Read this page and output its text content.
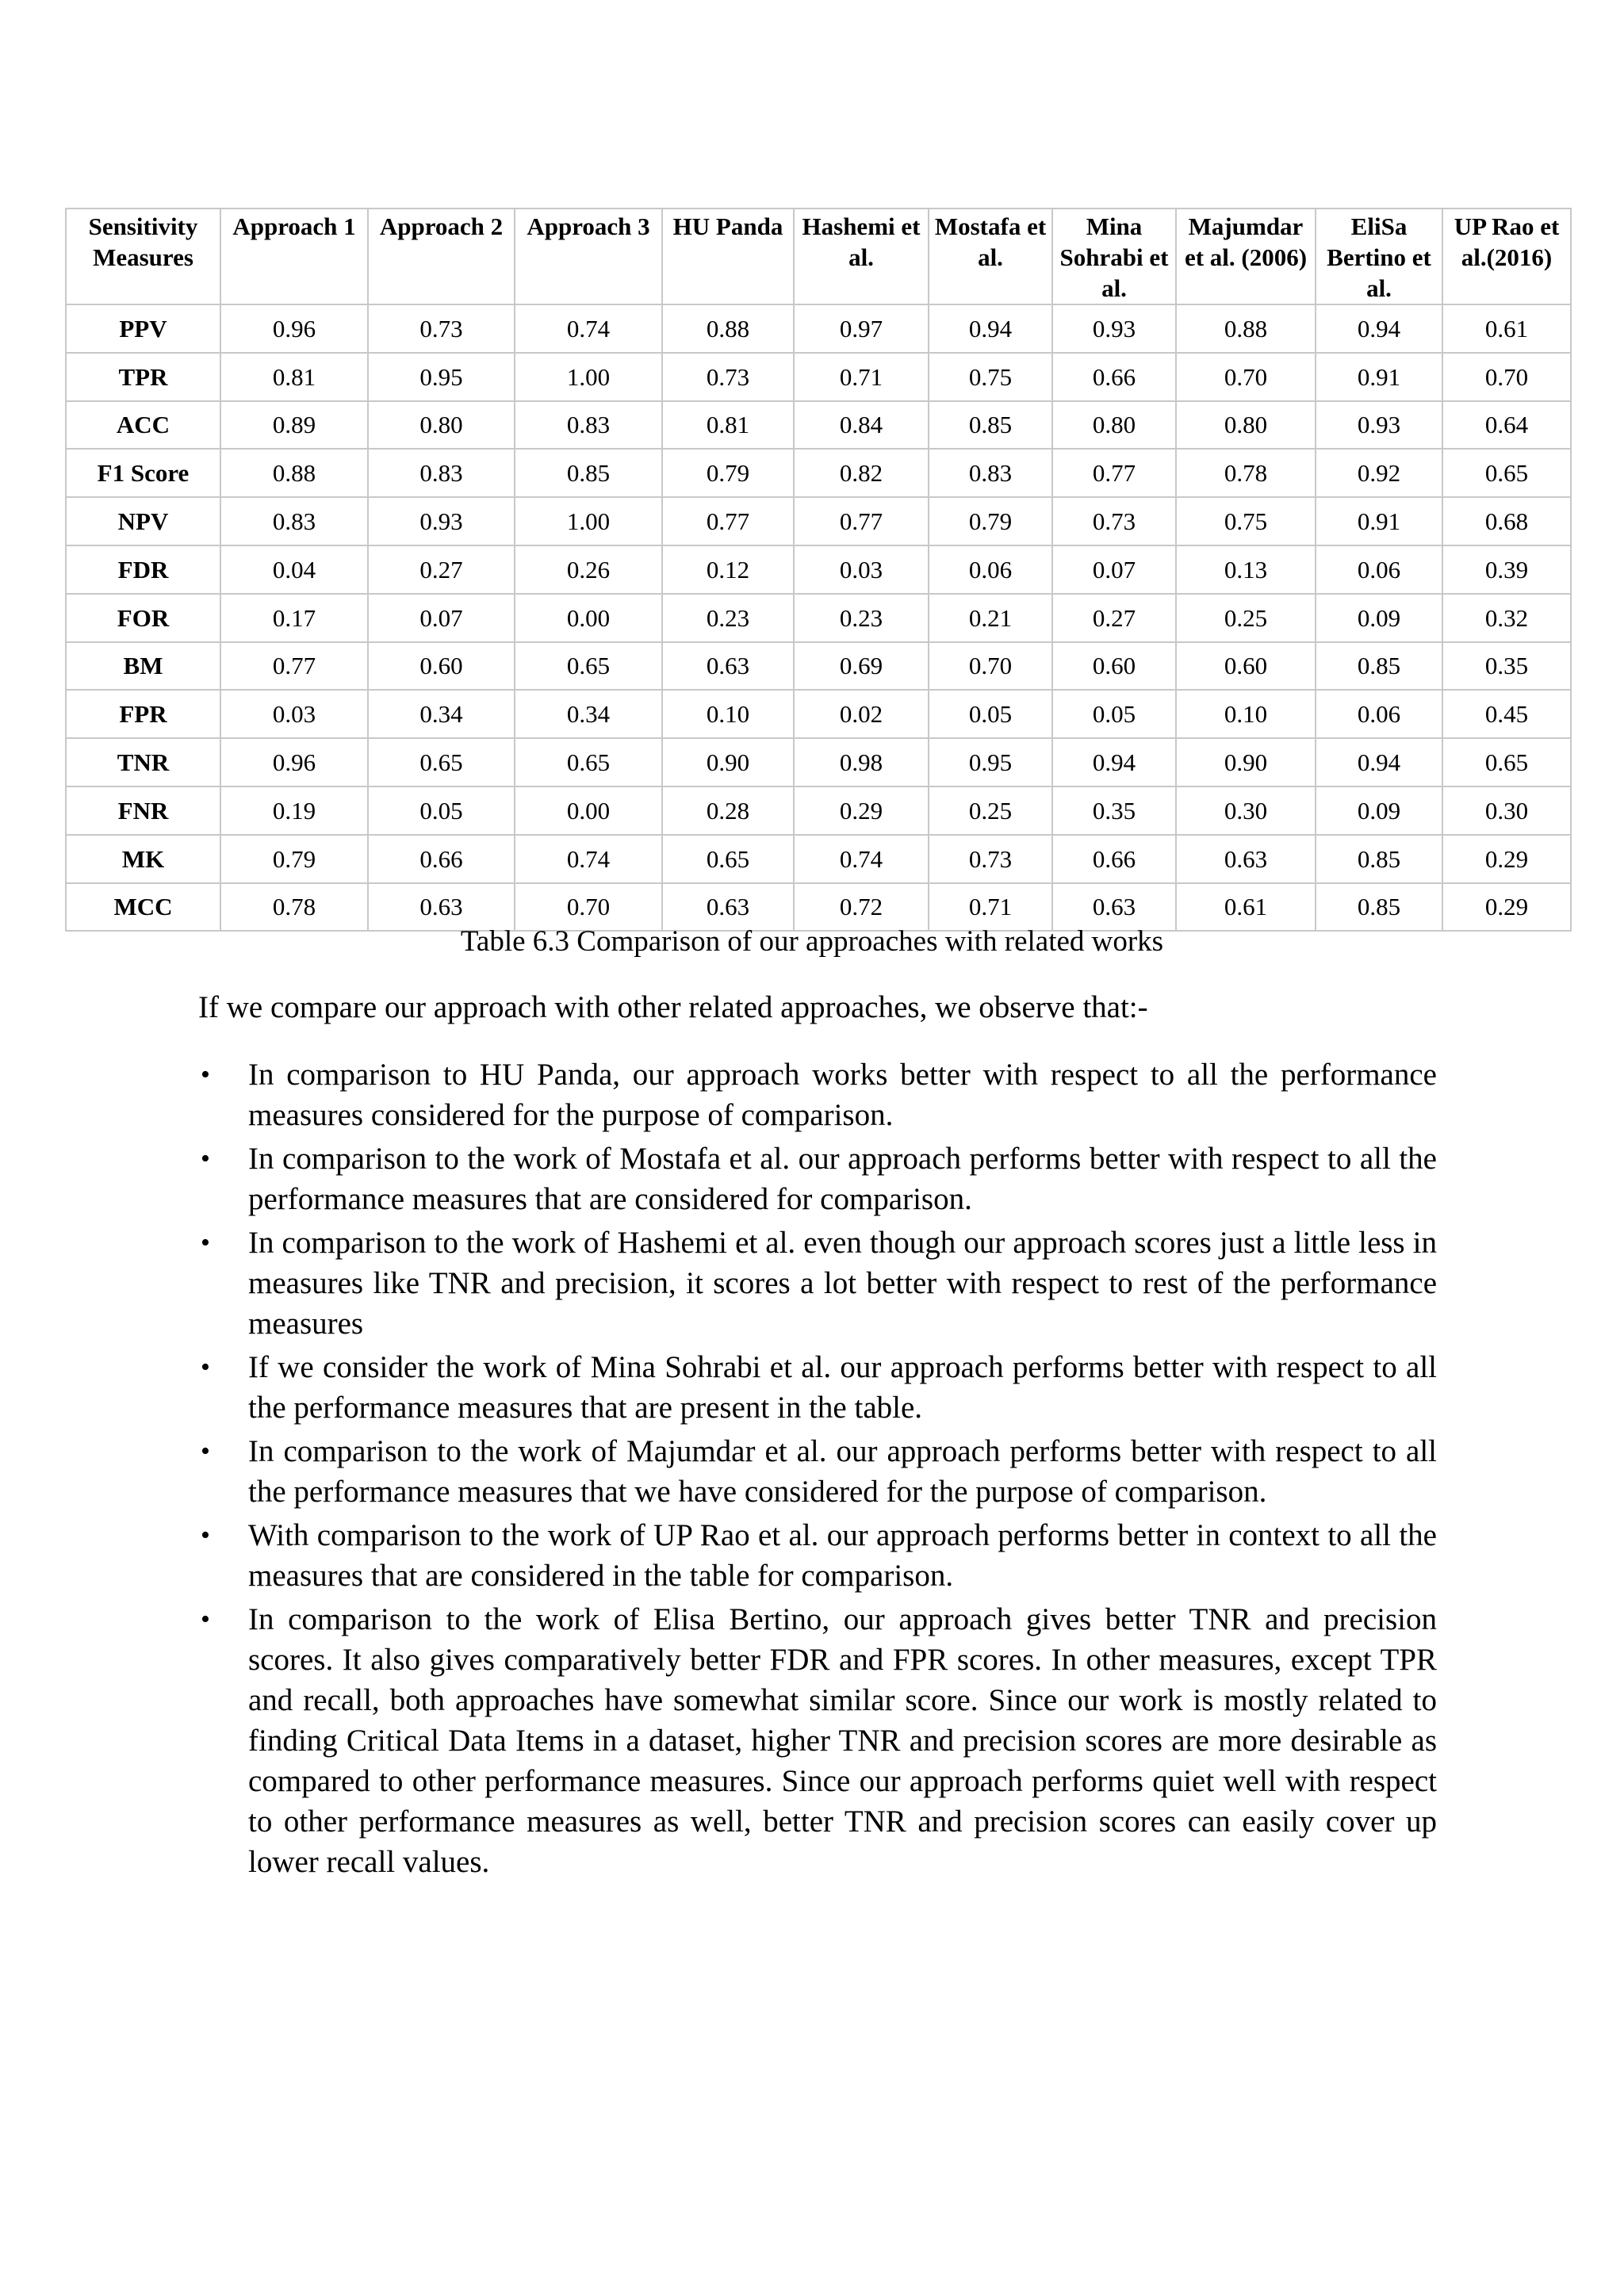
Sensitivity Measures	Approach 1	Approach 2	Approach 3	HU Panda	Hashemi et al.	Mostafa et al.	Mina Sohrabi et al.	Majumdar et al. (2006)	EliSa Bertino et al.	UP Rao et al.(2016)
PPV	0.96	0.73	0.74	0.88	0.97	0.94	0.93	0.88	0.94	0.61
TPR	0.81	0.95	1.00	0.73	0.71	0.75	0.66	0.70	0.91	0.70
ACC	0.89	0.80	0.83	0.81	0.84	0.85	0.80	0.80	0.93	0.64
F1 Score	0.88	0.83	0.85	0.79	0.82	0.83	0.77	0.78	0.92	0.65
NPV	0.83	0.93	1.00	0.77	0.77	0.79	0.73	0.75	0.91	0.68
FDR	0.04	0.27	0.26	0.12	0.03	0.06	0.07	0.13	0.06	0.39
FOR	0.17	0.07	0.00	0.23	0.23	0.21	0.27	0.25	0.09	0.32
BM	0.77	0.60	0.65	0.63	0.69	0.70	0.60	0.60	0.85	0.35
FPR	0.03	0.34	0.34	0.10	0.02	0.05	0.05	0.10	0.06	0.45
TNR	0.96	0.65	0.65	0.90	0.98	0.95	0.94	0.90	0.94	0.65
FNR	0.19	0.05	0.00	0.28	0.29	0.25	0.35	0.30	0.09	0.30
MK	0.79	0.66	0.74	0.65	0.74	0.73	0.66	0.63	0.85	0.29
MCC	0.78	0.63	0.70	0.63	0.72	0.71	0.63	0.61	0.85	0.29
Table 6.3 Comparison of our approaches with related works
If we compare our approach with other related approaches, we observe that:-
• In comparison to HU Panda, our approach works better with respect to all the performance measures considered for the purpose of comparison.
• In comparison to the work of Mostafa et al. our approach performs better with respect to all the performance measures that are considered for comparison.
• In comparison to the work of Hashemi et al. even though our approach scores just a little less in measures like TNR and precision, it scores a lot better with respect to rest of the performance measures
• If we consider the work of Mina Sohrabi et al. our approach performs better with respect to all the performance measures that are present in the table.
• In comparison to the work of Majumdar et al. our approach performs better with respect to all the performance measures that we have considered for the purpose of comparison.
• With comparison to the work of UP Rao et al. our approach performs better in context to all the measures that are considered in the table for comparison.
• In comparison to the work of Elisa Bertino, our approach gives better TNR and precision scores. It also gives comparatively better FDR and FPR scores. In other measures, except TPR and recall, both approaches have somewhat similar score. Since our work is mostly related to finding Critical Data Items in a dataset, higher TNR and precision scores are more desirable as compared to other performance measures. Since our approach performs quiet well with respect to other performance measures as well, better TNR and precision scores can easily cover up lower recall values.
